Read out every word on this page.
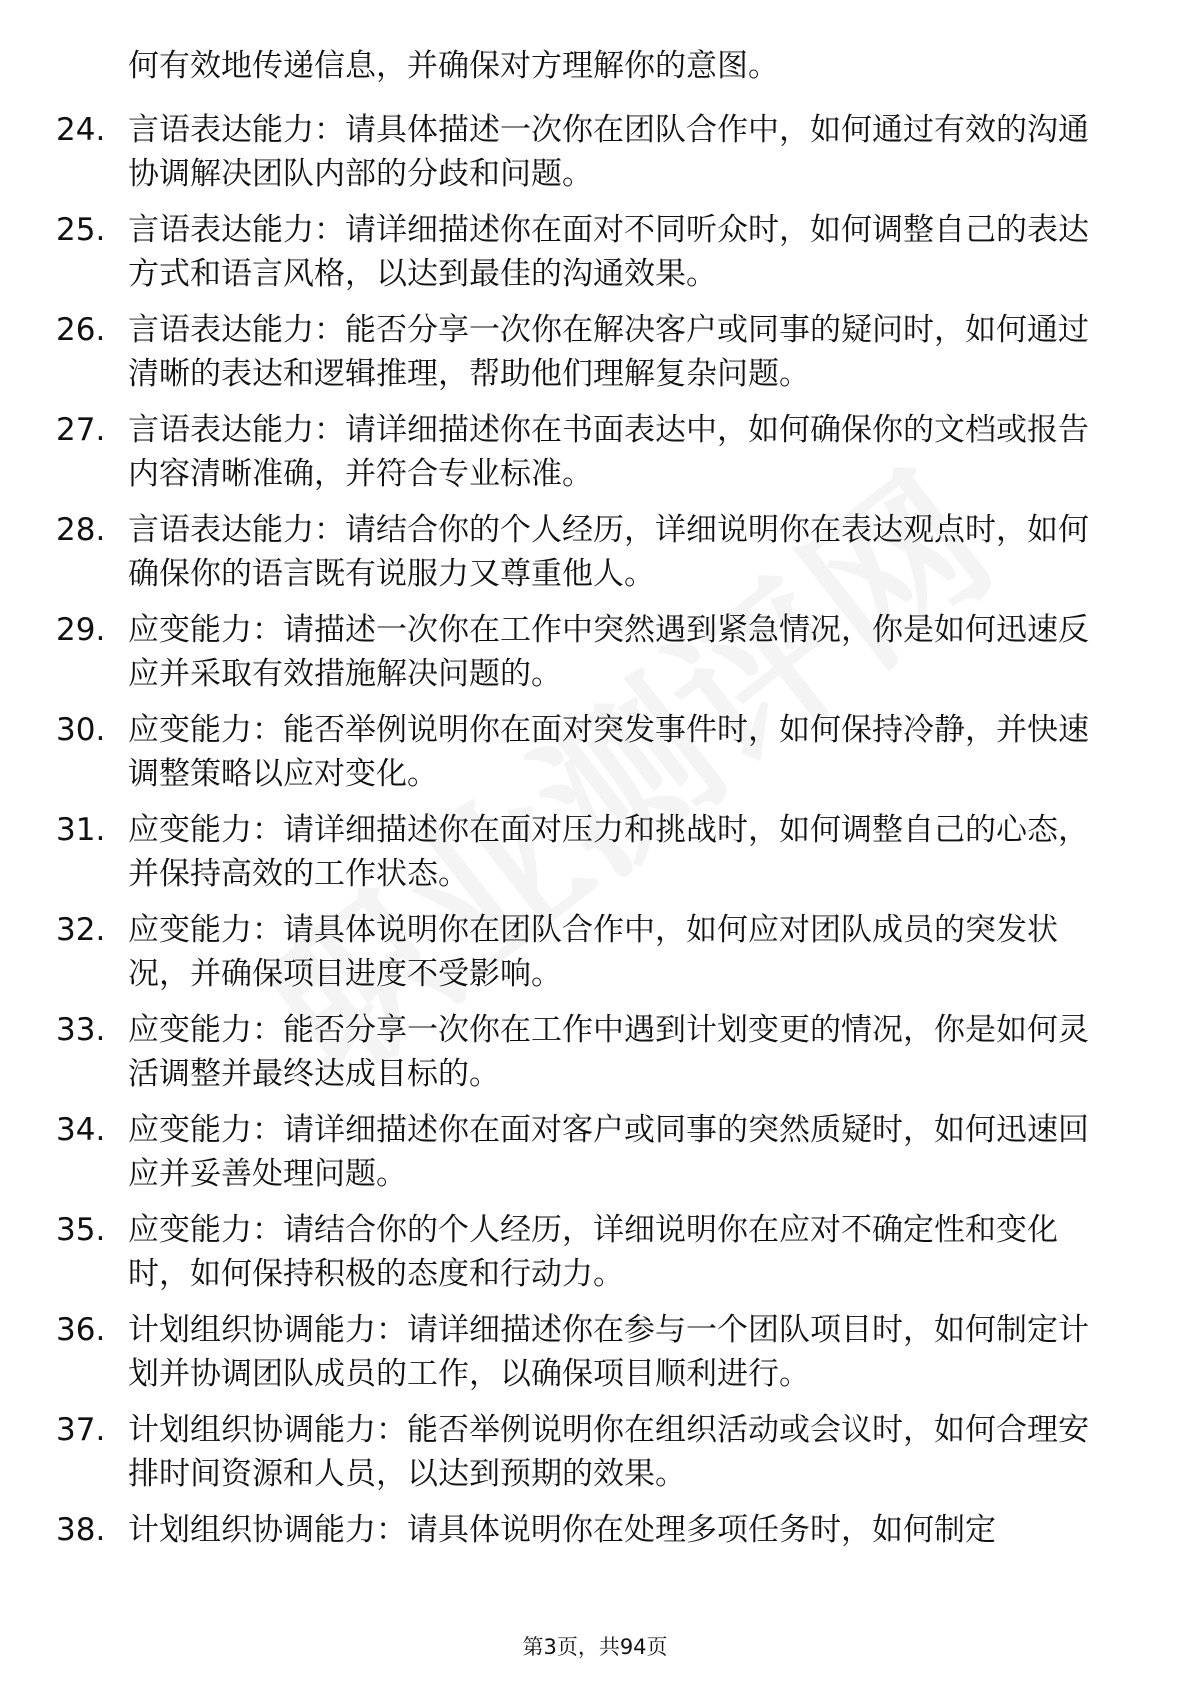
何有效地传递信息，并确保对方理解你的意图。

24. 言语表达能力：请具体描述一次你在团队合作中，如何通过有效的沟通协调解决团队内部的分歧和问题。

25. 言语表达能力：请详细描述你在面对不同听众时，如何调整自己的表达方式和语言风格，以达到最佳的沟通效果。

26. 言语表达能力：能否分享一次你在解决客户或同事的疑问时，如何通过清晰的表达和逻辑推理，帮助他们理解复杂问题。

27. 言语表达能力：请详细描述你在书面表达中，如何确保你的文档或报告内容清晰准确，并符合专业标准。

28. 言语表达能力：请结合你的个人经历，详细说明你在表达观点时，如何确保你的语言既有说服力又尊重他人。

29. 应变能力：请描述一次你在工作中突然遇到紧急情况，你是如何迅速反应并采取有效措施解决问题的。

30. 应变能力：能否举例说明你在面对突发事件时，如何保持冷静，并快速调整策略以应对变化。

31. 应变能力：请详细描述你在面对压力和挑战时，如何调整自己的心态，并保持高效的工作状态。

32. 应变能力：请具体说明你在团队合作中，如何应对团队成员的突发状况，并确保项目进度不受影响。

33. 应变能力：能否分享一次你在工作中遇到计划变更的情况，你是如何灵活调整并最终达成目标的。

34. 应变能力：请详细描述你在面对客户或同事的突然质疑时，如何迅速回应并妥善处理问题。

35. 应变能力：请结合你的个人经历，详细说明你在应对不确定性和变化时，如何保持积极的态度和行动力。

36. 计划组织协调能力：请详细描述你在参与一个团队项目时，如何制定计划并协调团队成员的工作，以确保项目顺利进行。

37. 计划组织协调能力：能否举例说明你在组织活动或会议时，如何合理安排时间资源和人员，以达到预期的效果。

38. 计划组织协调能力：请具体说明你在处理多项任务时，如何制定

第3页，共94页
